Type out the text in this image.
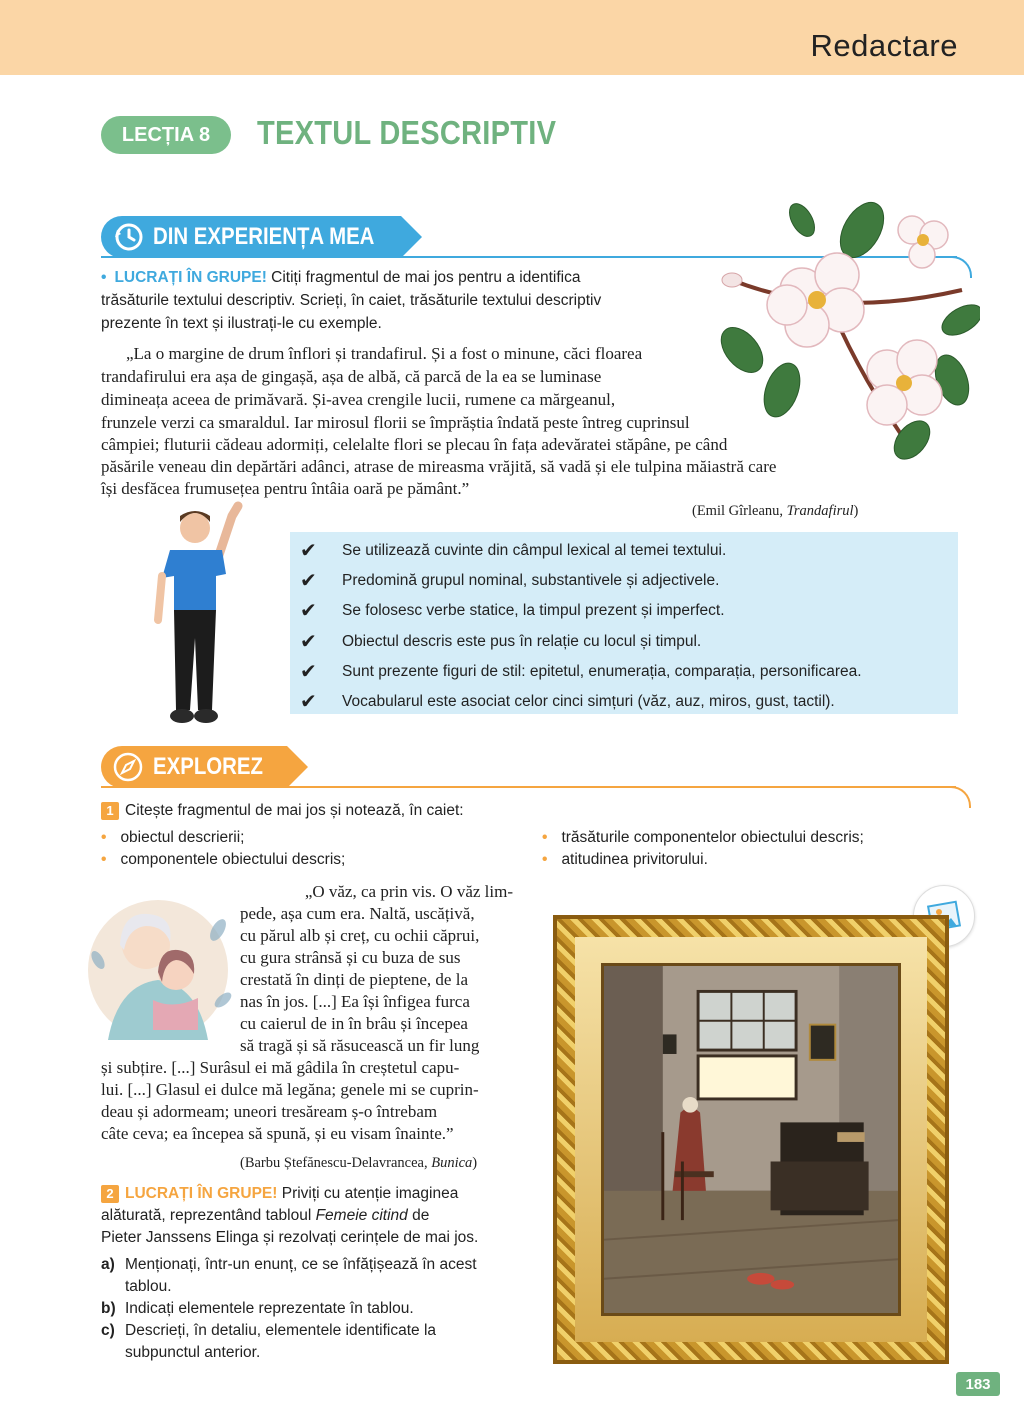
Redactare
LECȚIA 8	TEXTUL DESCRIPTIV
DIN EXPERIENȚA MEA
• LUCRAȚI ÎN GRUPE! Citiți fragmentul de mai jos pentru a identifica
trăsăturile textului descriptiv. Scrieți, în caiet, trăsăturile textului descriptiv
prezente în text și ilustrați-le cu exemple.
„La o margine de drum înflori și trandafirul. Și a fost o minune, căci floarea
trandafirului era așa de gingașă, așa de albă, că parcă de la ea se luminase
dimineața aceea de primăvară. Și-avea crengile lucii, rumene ca mărgeanul,
frunzele verzi ca smaraldul. Iar mirosul florii se împrăștia îndată peste întreg cuprinsul
câmpiei; fluturii cădeau adormiți, celelalte flori se plecau în fața adevăratei stăpâne, pe când
păsările veneau din depărtări adânci, atrase de mireasma vrăjită, să vadă și ele tulpina măiastră care
își desfăcea frumusețea pentru întâia oară pe pământ.”
(Emil Gîrleanu, Trandafirul)
✔	Se utilizează cuvinte din câmpul lexical al temei textului.
✔	Predomină grupul nominal, substantivele și adjectivele.
✔	Se folosesc verbe statice, la timpul prezent și imperfect.
✔	Obiectul descris este pus în relație cu locul și timpul.
✔	Sunt prezente figuri de stil: epitetul, enumerația, comparația, personificarea.
✔	Vocabularul este asociat celor cinci simțuri (văz, auz, miros, gust, tactil).
EXPLOREZ
1 Citește fragmentul de mai jos și notează, în caiet:
• obiectul descrierii;
• componentele obiectului descris;
• trăsăturile componentelor obiectului descris;
• atitudinea privitorului.
„O văz, ca prin vis. O văz lim-
pede, așa cum era. Naltă, uscățivă,
cu părul alb și creț, cu ochii căprui,
cu gura strânsă și cu buza de sus
crestată în dinți de pieptene, de la
nas în jos. [...] Ea își înfigea furca
cu caierul de in în brâu și începea
să tragă și să răsucească un fir lung
și subțire. [...] Surâsul ei mă gâdila în creștetul capu-
lui. [...] Glasul ei dulce mă legăna; genele mi se cuprin-
deau și adormeam; uneori tresăream ș-o întrebam
câte ceva; ea începea să spună, și eu visam înainte.”
(Barbu Ștefănescu-Delavrancea, Bunica)
2 LUCRAȚI ÎN GRUPE! Priviți cu atenție imaginea
alăturată, reprezentând tabloul Femeie citind de
Pieter Janssens Elinga și rezolvați cerințele de mai jos.
a) Menționați, într-un enunț, ce se înfățișează în acest
tablou.
b) Indicați elementele reprezentate în tablou.
c) Descrieți, în detaliu, elementele identificate la
subpunctul anterior.
183
